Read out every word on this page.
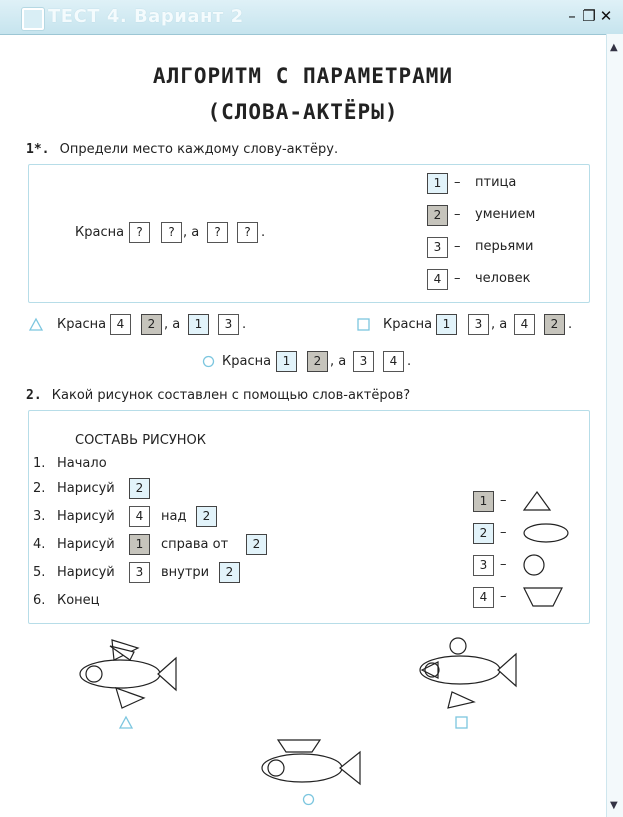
ТЕСТ 4. Вариант 2	– ❐ ✕
▲
▼
АЛГОРИТМ С ПАРАМЕТРАМИ
(СЛОВА-АКТЁРЫ)
1*. Определи место каждому слову-актёру.
Красна	?	? , а	?	? .
1 – птица
2 – умением
3 – перьями
4 – человек
Красна 4	2 , а	1	3 .	Красна 1	3 , а	4	2 .
Красна 1	2 , а	3	4 .
2. Какой рисунок составлен с помощью слов-актёров?
СОСТАВЬ РИСУНОК
1. Начало
2. Нарисуй	2
3. Нарисуй	4	над	2
4. Нарисуй	1	справа от	2
5. Нарисуй	3	внутри	2
6. Конец
1 –
2 –
3 –
4 –
